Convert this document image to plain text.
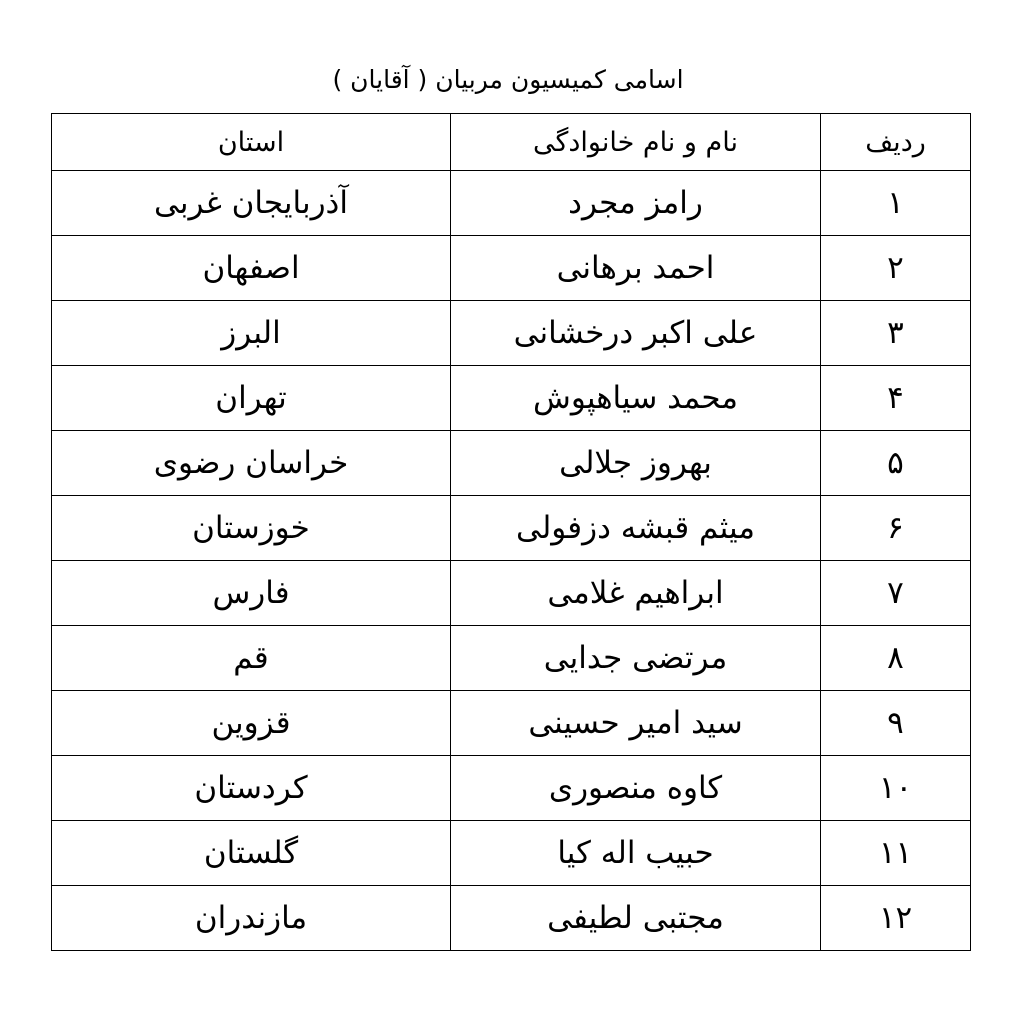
اسامی کمیسیون مربیان ( آقایان )
ردیف	نام و نام خانوادگی	استان
۱	رامز مجرد	آذربایجان غربی
۲	احمد برهانی	اصفهان
۳	علی اکبر درخشانی	البرز
۴	محمد سیاهپوش	تهران
۵	بهروز جلالی	خراسان رضوی
۶	میثم قبشه دزفولی	خوزستان
۷	ابراهیم غلامی	فارس
۸	مرتضی جدایی	قم
۹	سید امیر حسینی	قزوین
۱۰	کاوه منصوری	کردستان
۱۱	حبیب اله کیا	گلستان
۱۲	مجتبی لطیفی	مازندران
